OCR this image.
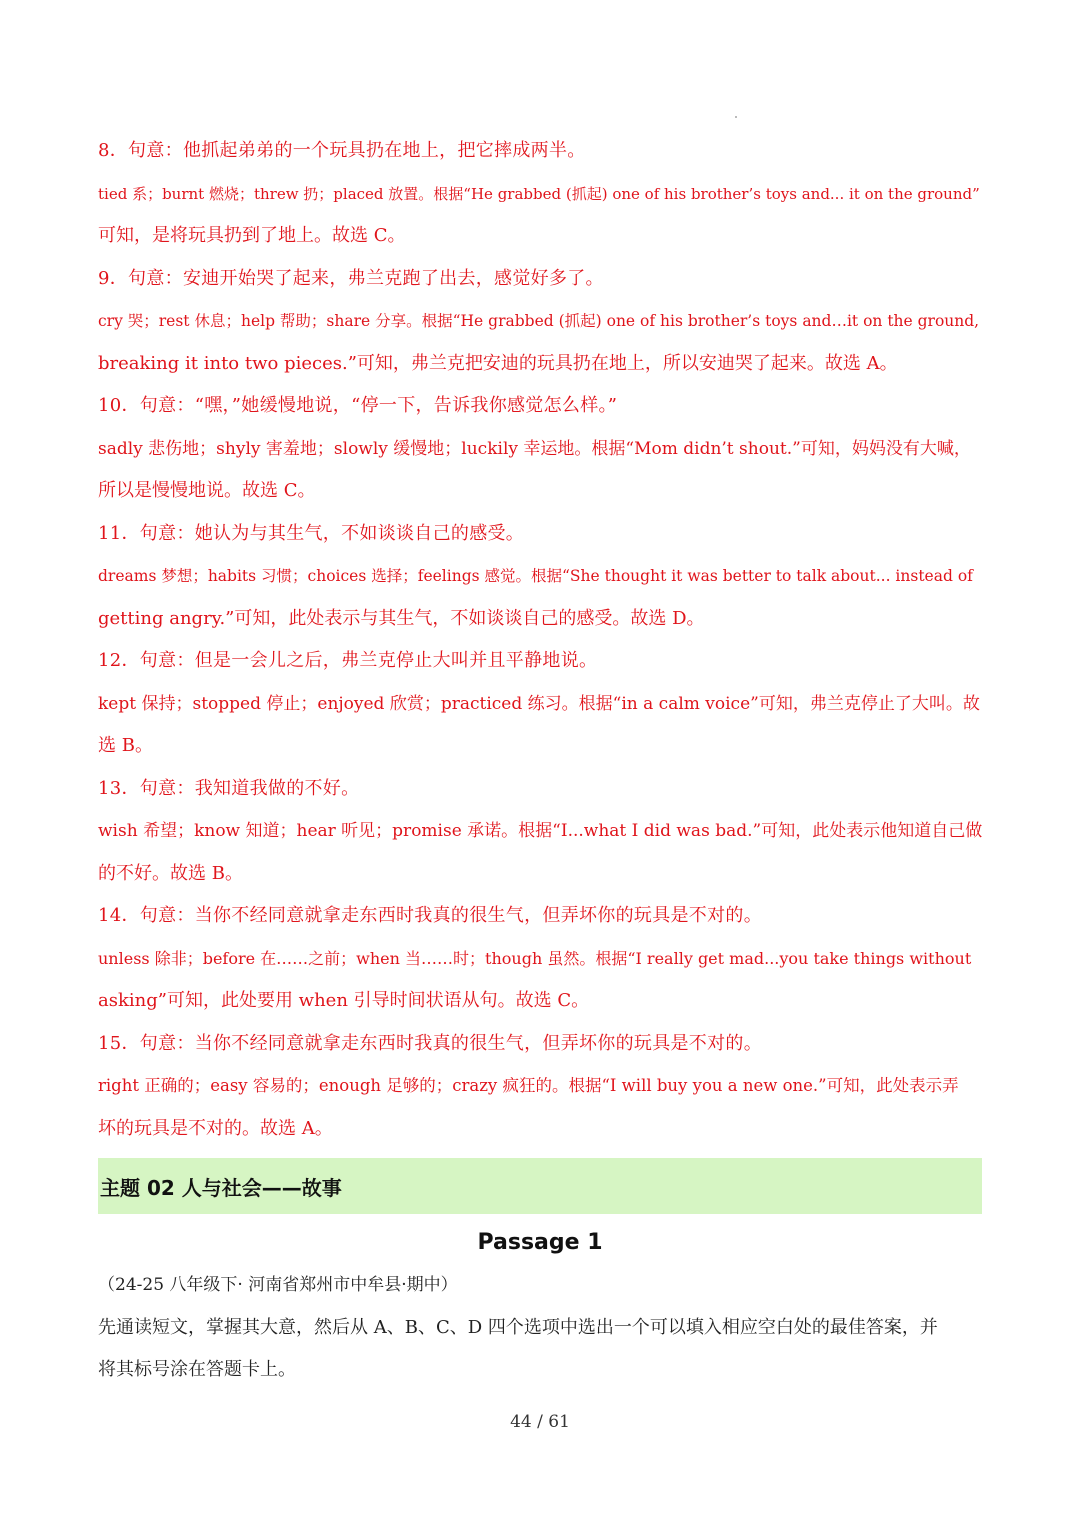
8．句意：他抓起弟弟的一个玩具扔在地上，把它摔成两半。
tied 系；burnt 燃烧；threw 扔；placed 放置。根据“He grabbed (抓起) one of his brother’s toys and... it on the ground”
可知，是将玩具扔到了地上。故选 C。
9．句意：安迪开始哭了起来，弗兰克跑了出去，感觉好多了。
cry 哭；rest 休息；help 帮助；share 分享。根据“He grabbed (抓起) one of his brother’s toys and…it on the ground,
breaking it into two pieces.”可知，弗兰克把安迪的玩具扔在地上，所以安迪哭了起来。故选 A。
10．句意：“嘿，”她缓慢地说，“停一下，告诉我你感觉怎么样。”
sadly 悲伤地；shyly 害羞地；slowly 缓慢地；luckily 幸运地。根据“Mom didn’t shout.”可知，妈妈没有大喊，
所以是慢慢地说。故选 C。
11．句意：她认为与其生气，不如谈谈自己的感受。
dreams 梦想；habits 习惯；choices 选择；feelings 感觉。根据“She thought it was better to talk about... instead of
getting angry.”可知，此处表示与其生气，不如谈谈自己的感受。故选 D。
12．句意：但是一会儿之后，弗兰克停止大叫并且平静地说。
kept 保持；stopped 停止；enjoyed 欣赏；practiced 练习。根据“in a calm voice”可知，弗兰克停止了大叫。故
选 B。
13．句意：我知道我做的不好。
wish 希望；know 知道；hear 听见；promise 承诺。根据“I...what I did was bad.”可知，此处表示他知道自己做
的不好。故选 B。
14．句意：当你不经同意就拿走东西时我真的很生气，但弄坏你的玩具是不对的。
unless 除非；before 在……之前；when 当……时；though 虽然。根据“I really get mad...you take things without
asking”可知，此处要用 when 引导时间状语从句。故选 C。
15．句意：当你不经同意就拿走东西时我真的很生气，但弄坏你的玩具是不对的。
right 正确的；easy 容易的；enough 足够的；crazy 疯狂的。根据“I will buy you a new one.”可知，此处表示弄
坏的玩具是不对的。故选 A。
主题 02 人与社会——故事
Passage 1
（24-25 八年级下· 河南省郑州市中牟县·期中）
先通读短文，掌握其大意，然后从 A、B、C、D 四个选项中选出一个可以填入相应空白处的最佳答案，并
将其标号涂在答题卡上。
44 / 61
